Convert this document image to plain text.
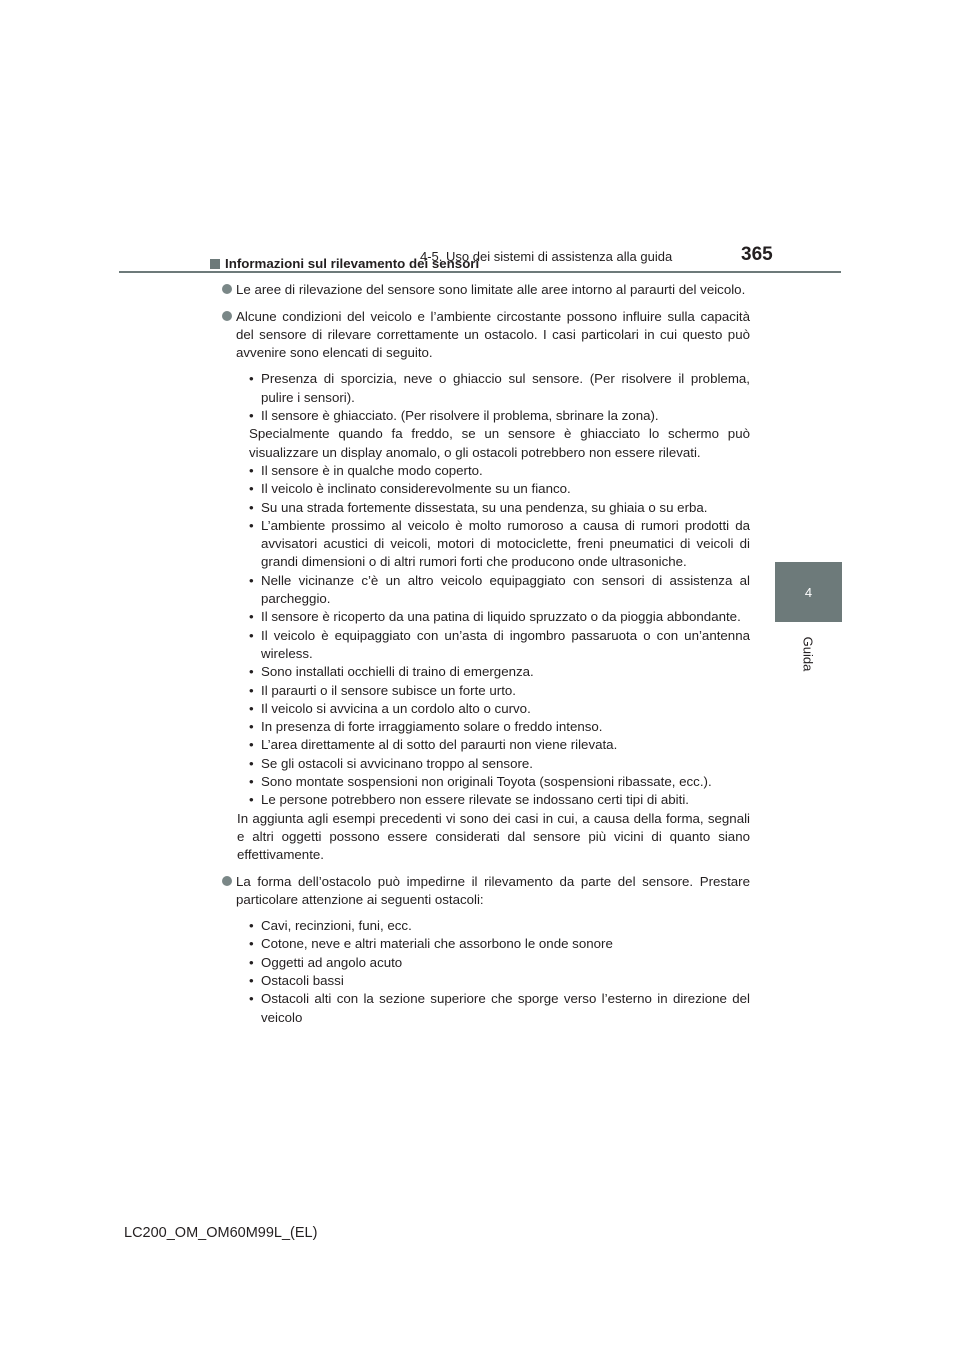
4-5. Uso dei sistemi di assistenza alla guida	365
4
Guida
Informazioni sul rilevamento dei sensori
Le aree di rilevazione del sensore sono limitate alle aree intorno al paraurti del veicolo.
Alcune condizioni del veicolo e l’ambiente circostante possono influire sulla capacità del sensore di rilevare correttamente un ostacolo. I casi particolari in cui questo può avvenire sono elencati di seguito.
• Presenza di sporcizia, neve o ghiaccio sul sensore. (Per risolvere il problema, pulire i sensori).
• Il sensore è ghiacciato. (Per risolvere il problema, sbrinare la zona).
Specialmente quando fa freddo, se un sensore è ghiacciato lo schermo può visualizzare un display anomalo, o gli ostacoli potrebbero non essere rilevati.
• Il sensore è in qualche modo coperto.
• Il veicolo è inclinato considerevolmente su un fianco.
• Su una strada fortemente dissestata, su una pendenza, su ghiaia o su erba.
• L’ambiente prossimo al veicolo è molto rumoroso a causa di rumori prodotti da avvisatori acustici di veicoli, motori di motociclette, freni pneumatici di veicoli di grandi dimensioni o di altri rumori forti che producono onde ultrasoniche.
• Nelle vicinanze c’è un altro veicolo equipaggiato con sensori di assistenza al parcheggio.
• Il sensore è ricoperto da una patina di liquido spruzzato o da pioggia abbondante.
• Il veicolo è equipaggiato con un’asta di ingombro passaruota o con un’antenna wireless.
• Sono installati occhielli di traino di emergenza.
• Il paraurti o il sensore subisce un forte urto.
• Il veicolo si avvicina a un cordolo alto o curvo.
• In presenza di forte irraggiamento solare o freddo intenso.
• L’area direttamente al di sotto del paraurti non viene rilevata.
• Se gli ostacoli si avvicinano troppo al sensore.
• Sono montate sospensioni non originali Toyota (sospensioni ribassate, ecc.).
• Le persone potrebbero non essere rilevate se indossano certi tipi di abiti.
In aggiunta agli esempi precedenti vi sono dei casi in cui, a causa della forma, segnali e altri oggetti possono essere considerati dal sensore più vicini di quanto siano effettivamente.
La forma dell’ostacolo può impedirne il rilevamento da parte del sensore. Prestare particolare attenzione ai seguenti ostacoli:
• Cavi, recinzioni, funi, ecc.
• Cotone, neve e altri materiali che assorbono le onde sonore
• Oggetti ad angolo acuto
• Ostacoli bassi
• Ostacoli alti con la sezione superiore che sporge verso l’esterno in direzione del veicolo
LC200_OM_OM60M99L_(EL)
